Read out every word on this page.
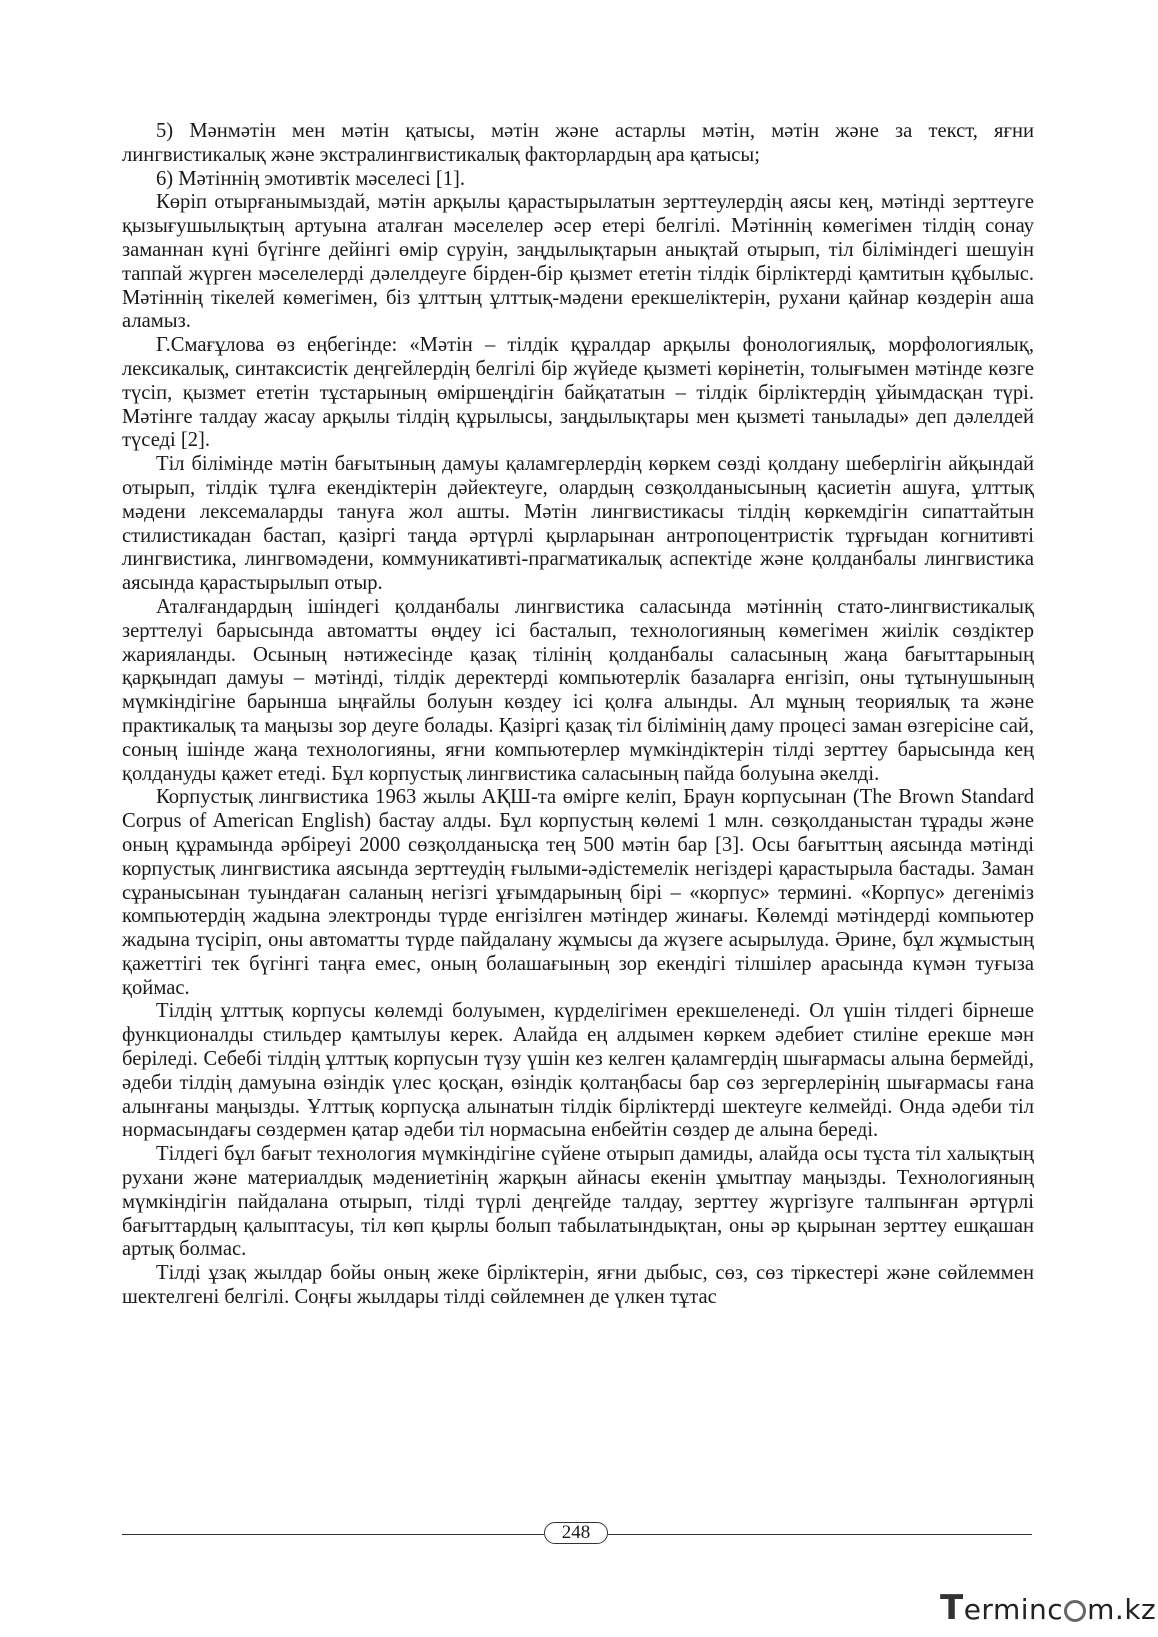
5) Мәнмәтін мен мәтін қатысы, мәтін және астарлы мәтін, мәтін және за текст, яғни лингвистикалық және экстралингвистикалық факторлардың ара қатысы;

6) Мәтіннің эмотивтік мәселесі [1].

Көріп отырғанымыздай, мәтін арқылы қарастырылатын зерттеулердің аясы кең, мәтінді зерттеуге қызығушылықтың артуына аталған мәселелер әсер етері белгілі. Мәтіннің көмегімен тілдің сонау заманнан күні бүгінге дейінгі өмір сүруін, заңдылықтарын анықтай отырып, тіл біліміндегі шешуін таппай жүрген мәселелерді дәлелдеуге бірден-бір қызмет ететін тілдік бірліктерді қамтитын құбылыс. Мәтіннің тікелей көмегімен, біз ұлттың ұлттық-мәдени ерекшеліктерін, рухани қайнар көздерін аша аламыз.

Г.Смағұлова өз еңбегінде: «Мәтін – тілдік құралдар арқылы фонологиялық, морфологиялық, лексикалық, синтаксистік деңгейлердің белгілі бір жүйеде қызметі көрінетін, толығымен мәтінде көзге түсіп, қызмет ететін тұстарының өміршеңдігін байқататын – тілдік бірліктердің ұйымдасқан түрі. Мәтінге талдау жасау арқылы тілдің құрылысы, заңдылықтары мен қызметі танылады» деп дәлелдей түседі [2].

Тіл білімінде мәтін бағытының дамуы қаламгерлердің көркем сөзді қолдану шеберлігін айқындай отырып, тілдік тұлға екендіктерін дәйектеуге, олардың сөзқолданысының қасиетін ашуға, ұлттық мәдени лексемаларды тануға жол ашты. Мәтін лингвистикасы тілдің көркемдігін сипаттайтын стилистикадан бастап, қазіргі таңда әртүрлі қырларынан антропоцентристік тұрғыдан когнитивті лингвистика, лингвомәдени, коммуникативті-прагматикалық аспектіде және қолданбалы лингвистика аясында қарастырылып отыр.

Аталғандардың ішіндегі қолданбалы лингвистика саласында мәтіннің стато-лингвистикалық зерттелуі барысында автоматты өңдеу ісі басталып, технологияның көмегімен жиілік сөздіктер жарияланды. Осының нәтижесінде қазақ тілінің қолданбалы саласының жаңа бағыттарының қарқындап дамуы – мәтінді, тілдік деректерді компьютерлік базаларға енгізіп, оны тұтынушының мүмкіндігіне барынша ыңғайлы болуын көздеу ісі қолға алынды. Ал мұның теориялық та және практикалық та маңызы зор деуге болады. Қазіргі қазақ тіл білімінің даму процесі заман өзгерісіне сай, соның ішінде жаңа технологияны, яғни компьютерлер мүмкіндіктерін тілді зерттеу барысында кең қолдануды қажет етеді. Бұл корпустық лингвистика саласының пайда болуына әкелді.

Корпустық лингвистика 1963 жылы АҚШ-та өмірге келіп, Браун корпусынан (The Brown Standard Corpus of American English) бастау алды. Бұл корпустың көлемі 1 млн. сөзқолданыстан тұрады және оның құрамында әрбіреуі 2000 сөзқолданысқа тең 500 мәтін бар [3]. Осы бағыттың аясында мәтінді корпустық лингвистика аясында зерттеудің ғылыми-әдістемелік негіздері қарастырыла бастады. Заман сұранысынан туындаған саланың негізгі ұғымдарының бірі – «корпус» термині. «Корпус» дегеніміз компьютердің жадына электронды түрде енгізілген мәтіндер жинағы. Көлемді мәтіндерді компьютер жадына түсіріп, оны автоматты түрде пайдалану жұмысы да жүзеге асырылуда. Әрине, бұл жұмыстың қажеттігі тек бүгінгі таңға емес, оның болашағының зор екендігі тілшілер арасында күмән туғыза қоймас.

Тілдің ұлттық корпусы көлемді болуымен, күрделігімен ерекшеленеді. Ол үшін тілдегі бірнеше функционалды стильдер қамтылуы керек. Алайда ең алдымен көркем әдебиет стиліне ерекше мән беріледі. Себебі тілдің ұлттық корпусын түзу үшін кез келген қаламгердің шығармасы алына бермейді, әдеби тілдің дамуына өзіндік үлес қосқан, өзіндік қолтаңбасы бар сөз зергерлерінің шығармасы ғана алынғаны маңызды. Ұлттық корпусқа алынатын тілдік бірліктерді шектеуге келмейді. Онда әдеби тіл нормасындағы сөздермен қатар әдеби тіл нормасына енбейтін сөздер де алына береді.

Тілдегі бұл бағыт технология мүмкіндігіне сүйене отырып дамиды, алайда осы тұста тіл халықтың рухани және материалдық мәдениетінің жарқын айнасы екенін ұмытпау маңызды. Технологияның мүмкіндігін пайдалана отырып, тілді түрлі деңгейде талдау, зерттеу жүргізуге талпынған әртүрлі бағыттардың қалыптасуы, тіл көп қырлы болып табылатындықтан, оны әр қырынан зерттеу ешқашан артық болмас.

Тілді ұзақ жылдар бойы оның жеке бірліктерін, яғни дыбыс, сөз, сөз тіркестері және сөйлеммен шектелгені белгілі. Соңғы жылдары тілді сөйлемнен де үлкен тұтас

248
Terminc m.kz
